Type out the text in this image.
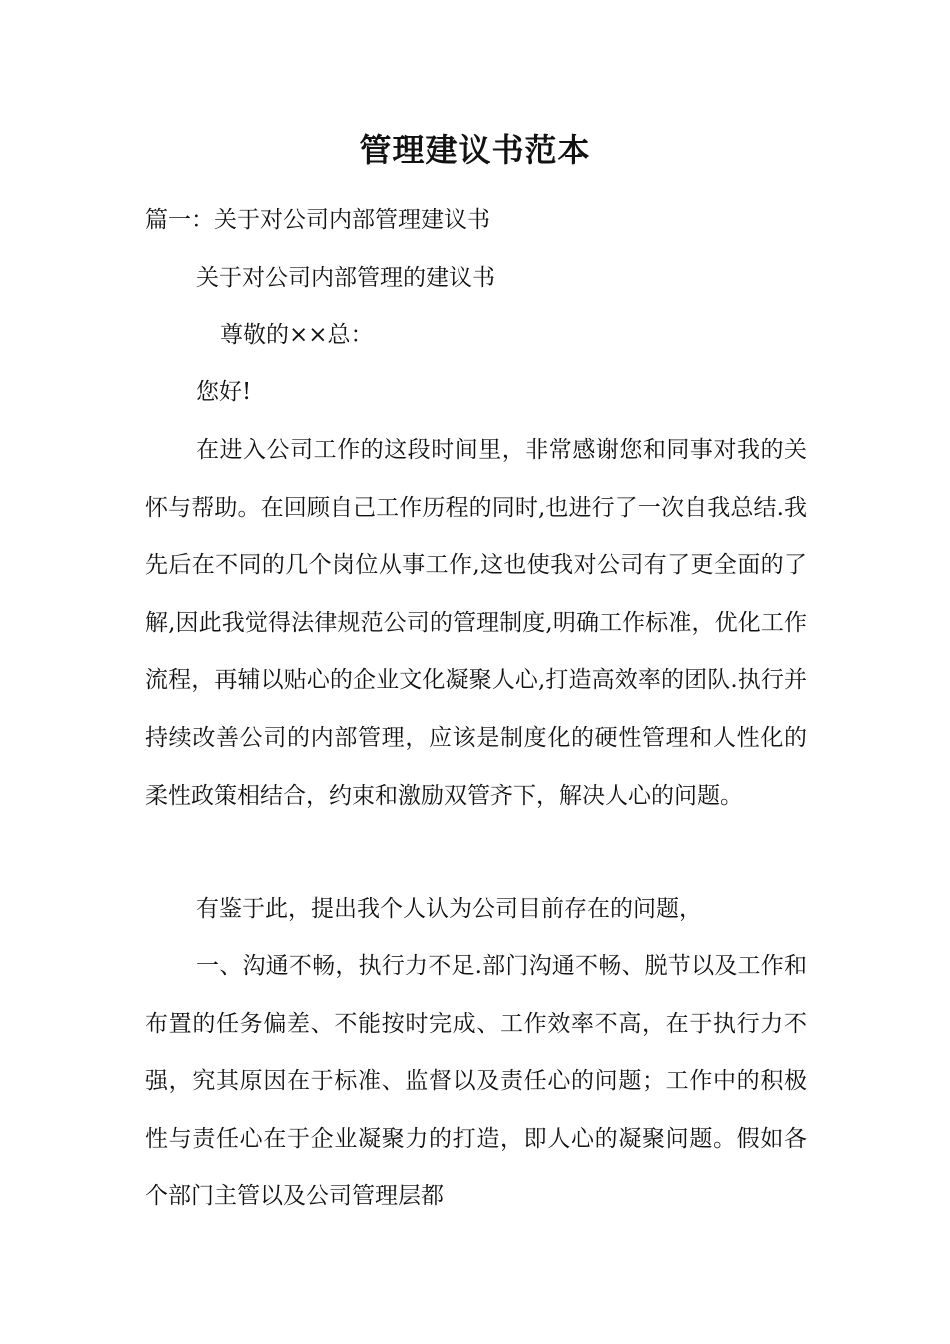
管理建议书范本

篇一：关于对公司内部管理建议书

关于对公司内部管理的建议书

尊敬的××总：

您好!

在进入公司工作的这段时间里，非常感谢您和同事对我的关怀与帮助。在回顾自己工作历程的同时,也进行了一次自我总结.我先后在不同的几个岗位从事工作,这也使我对公司有了更全面的了解,因此我觉得法律规范公司的管理制度,明确工作标准，优化工作流程，再辅以贴心的企业文化凝聚人心,打造高效率的团队.执行并持续改善公司的内部管理，应该是制度化的硬性管理和人性化的柔性政策相结合，约束和激励双管齐下，解决人心的问题。

有鉴于此，提出我个人认为公司目前存在的问题，

一、沟通不畅，执行力不足.部门沟通不畅、脱节以及工作和布置的任务偏差、不能按时完成、工作效率不高，在于执行力不强，究其原因在于标准、监督以及责任心的问题；工作中的积极性与责任心在于企业凝聚力的打造，即人心的凝聚问题。假如各个部门主管以及公司管理层都
